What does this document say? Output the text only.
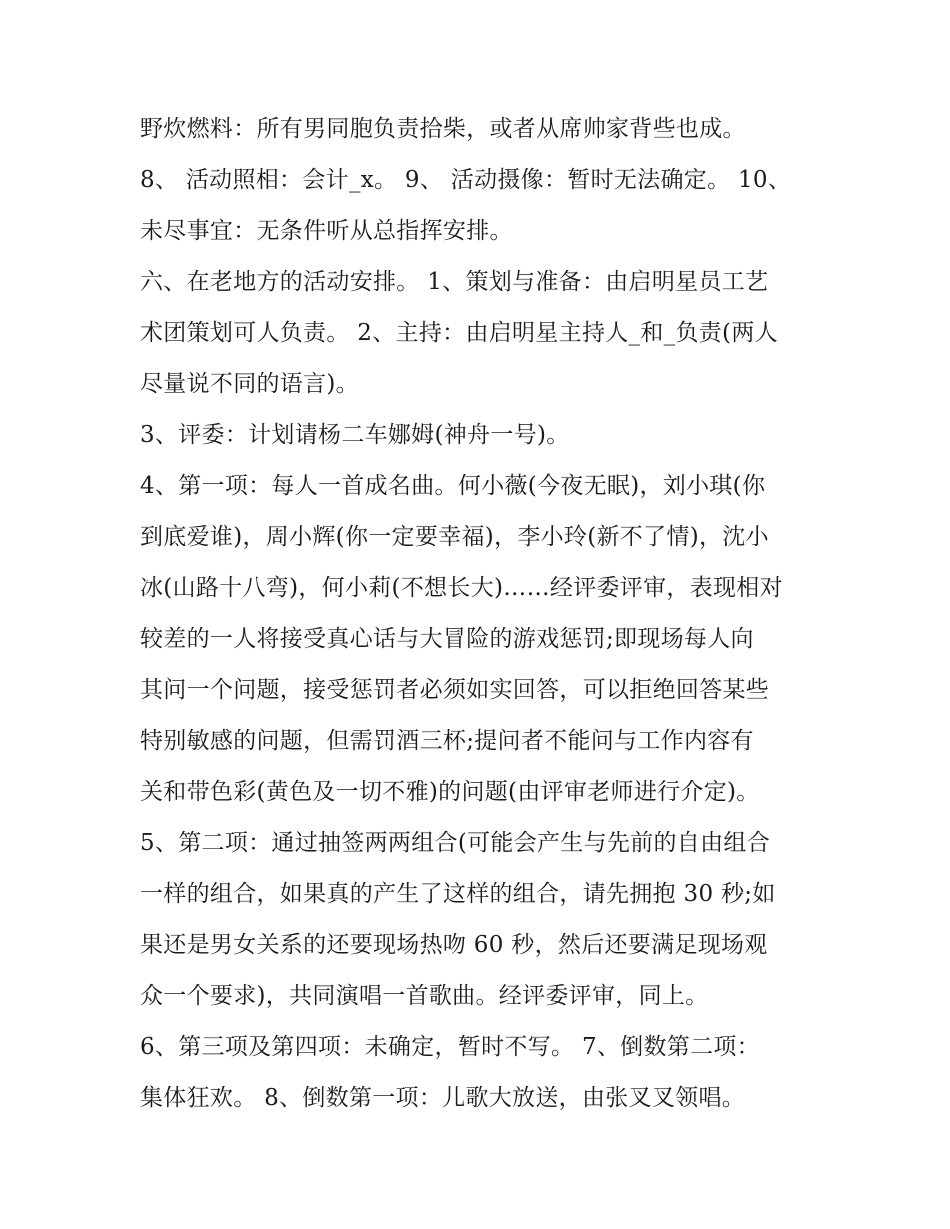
野炊燃料：所有男同胞负责拾柴，或者从席帅家背些也成。
8、 活动照相：会计_x。 9、 活动摄像：暂时无法确定。 10、
未尽事宜：无条件听从总指挥安排。
六、在老地方的活动安排。 1、策划与准备：由启明星员工艺
术团策划可人负责。 2、主持：由启明星主持人_和_负责(两人
尽量说不同的语言)。
3、评委：计划请杨二车娜姆(神舟一号)。
4、第一项：每人一首成名曲。何小薇(今夜无眠)，刘小琪(你
到底爱谁)，周小辉(你一定要幸福)，李小玲(新不了情)，沈小
冰(山路十八弯)，何小莉(不想长大)……经评委评审，表现相对
较差的一人将接受真心话与大冒险的游戏惩罚;即现场每人向
其问一个问题，接受惩罚者必须如实回答，可以拒绝回答某些
特别敏感的问题，但需罚酒三杯;提问者不能问与工作内容有
关和带色彩(黄色及一切不雅)的问题(由评审老师进行介定)。
5、第二项：通过抽签两两组合(可能会产生与先前的自由组合
一样的组合，如果真的产生了这样的组合，请先拥抱 30 秒;如
果还是男女关系的还要现场热吻 60 秒，然后还要满足现场观
众一个要求)，共同演唱一首歌曲。经评委评审，同上。
6、第三项及第四项：未确定，暂时不写。 7、倒数第二项：
集体狂欢。 8、倒数第一项：儿歌大放送，由张叉叉领唱。
